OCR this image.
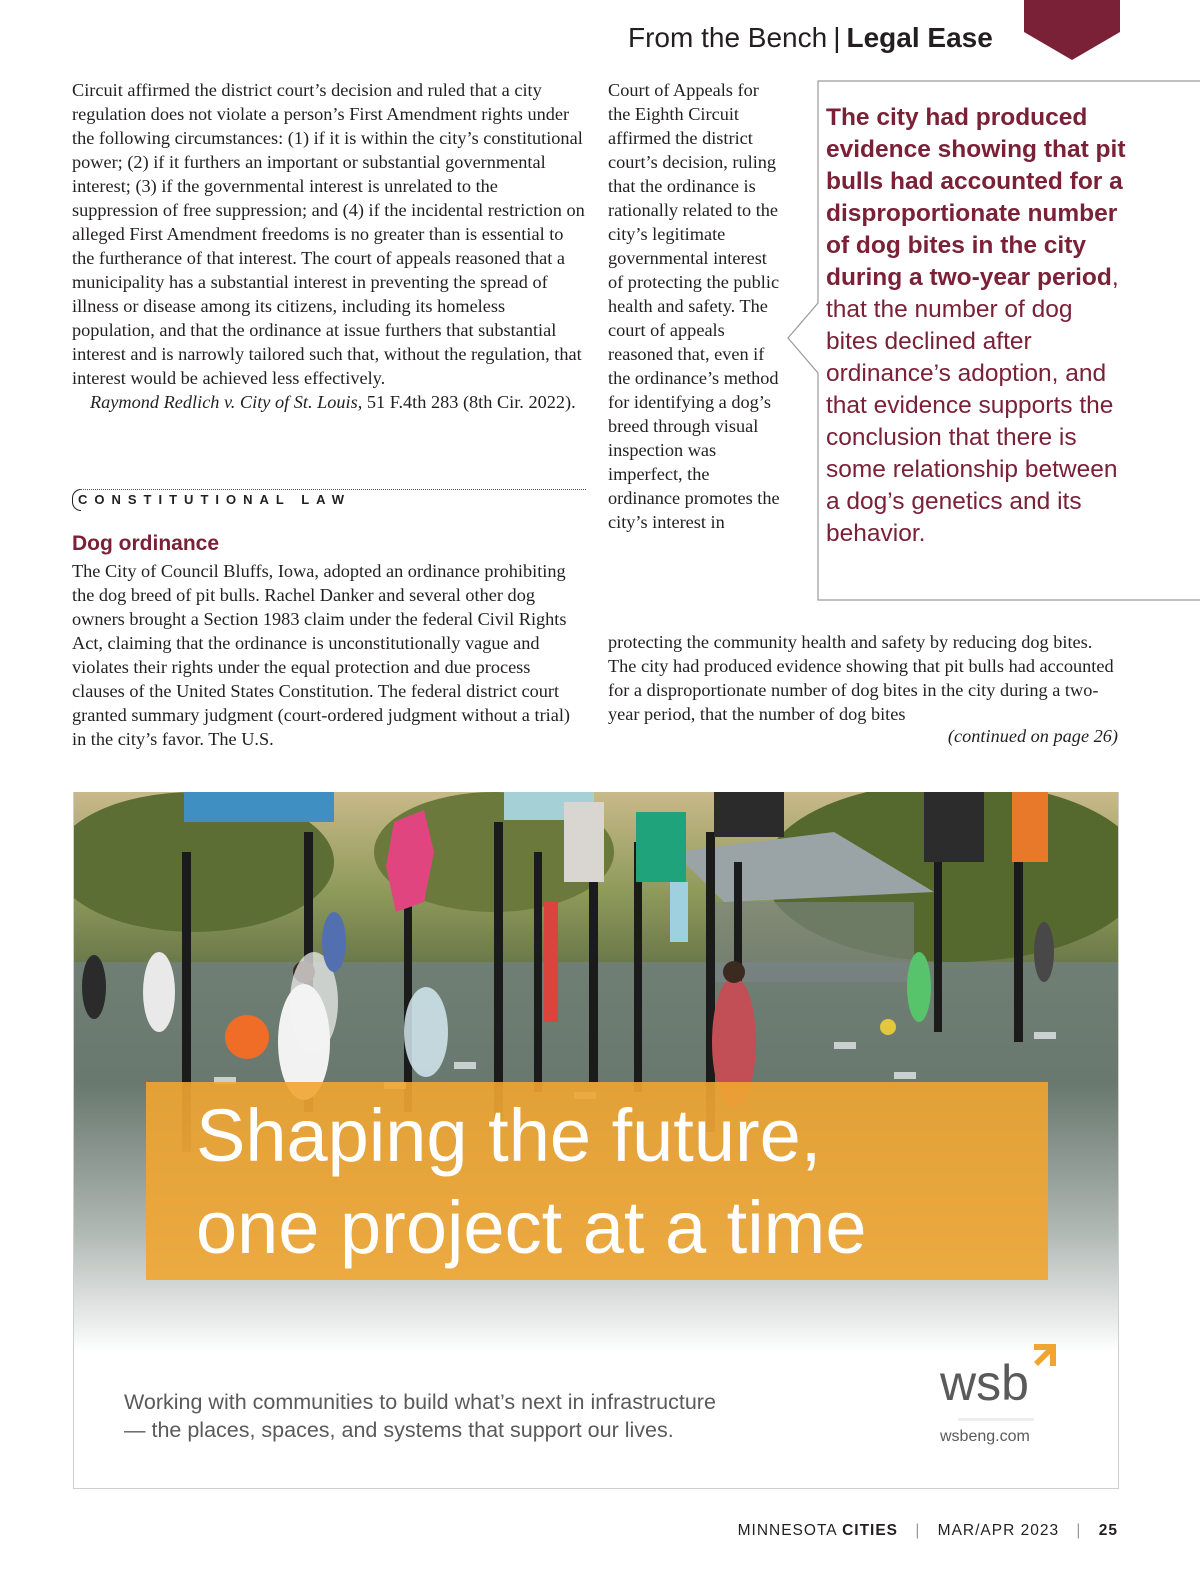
From the Bench | Legal Ease

Circuit affirmed the district court’s decision and ruled that a city regulation does not violate a person’s First Amendment rights under the following circumstances: (1) if it is within the city’s constitutional power; (2) if it furthers an important or substantial governmental interest; (3) if the governmental interest is unrelated to the suppression of free suppression; and (4) if the incidental restriction on alleged First Amendment freedoms is no greater than is essential to the furtherance of that interest. The court of appeals reasoned that a municipality has a substantial interest in preventing the spread of illness or disease among its citizens, including its homeless population, and that the ordinance at issue furthers that substantial interest and is narrowly tailored such that, without the regulation, that interest would be achieved less effectively.

Raymond Redlich v. City of St. Louis, 51 F.4th 283 (8th Cir. 2022).

CONSTITUTIONAL LAW
Dog ordinance

The City of Council Bluffs, Iowa, adopted an ordinance prohibiting the dog breed of pit bulls. Rachel Danker and several other dog owners brought a Section 1983 claim under the federal Civil Rights Act, claiming that the ordinance is unconstitutionally vague and violates their rights under the equal protection and due process clauses of the United States Constitution. The federal district court granted summary judgment (court-ordered judgment without a trial) in the city’s favor. The U.S.

Court of Appeals for the Eighth Circuit affirmed the district court’s decision, ruling that the ordinance is rationally related to the city’s legitimate governmental interest of protecting the public health and safety. The court of appeals reasoned that, even if the ordinance’s method for identifying a dog’s breed through visual inspection was imperfect, the ordinance promotes the city’s interest in

protecting the community health and safety by reducing dog bites. The city had produced evidence showing that pit bulls had accounted for a disproportionate number of dog bites in the city during a two-year period, that the number of dog bites

(continued on page 26)
The city had produced evidence showing that pit bulls had accounted for a disproportionate number of dog bites in the city during a two-year period, that the number of dog bites declined after ordinance’s adoption, and that evidence supports the conclusion that there is some relationship between a dog’s genetics and its behavior.
Shaping the future,
one project at a time
Working with communities to build what’s next in infrastructure
— the places, spaces, and systems that support our lives.
wsb
wsbeng.com
MINNESOTA CITIES | MAR/APR 2023 | 25
